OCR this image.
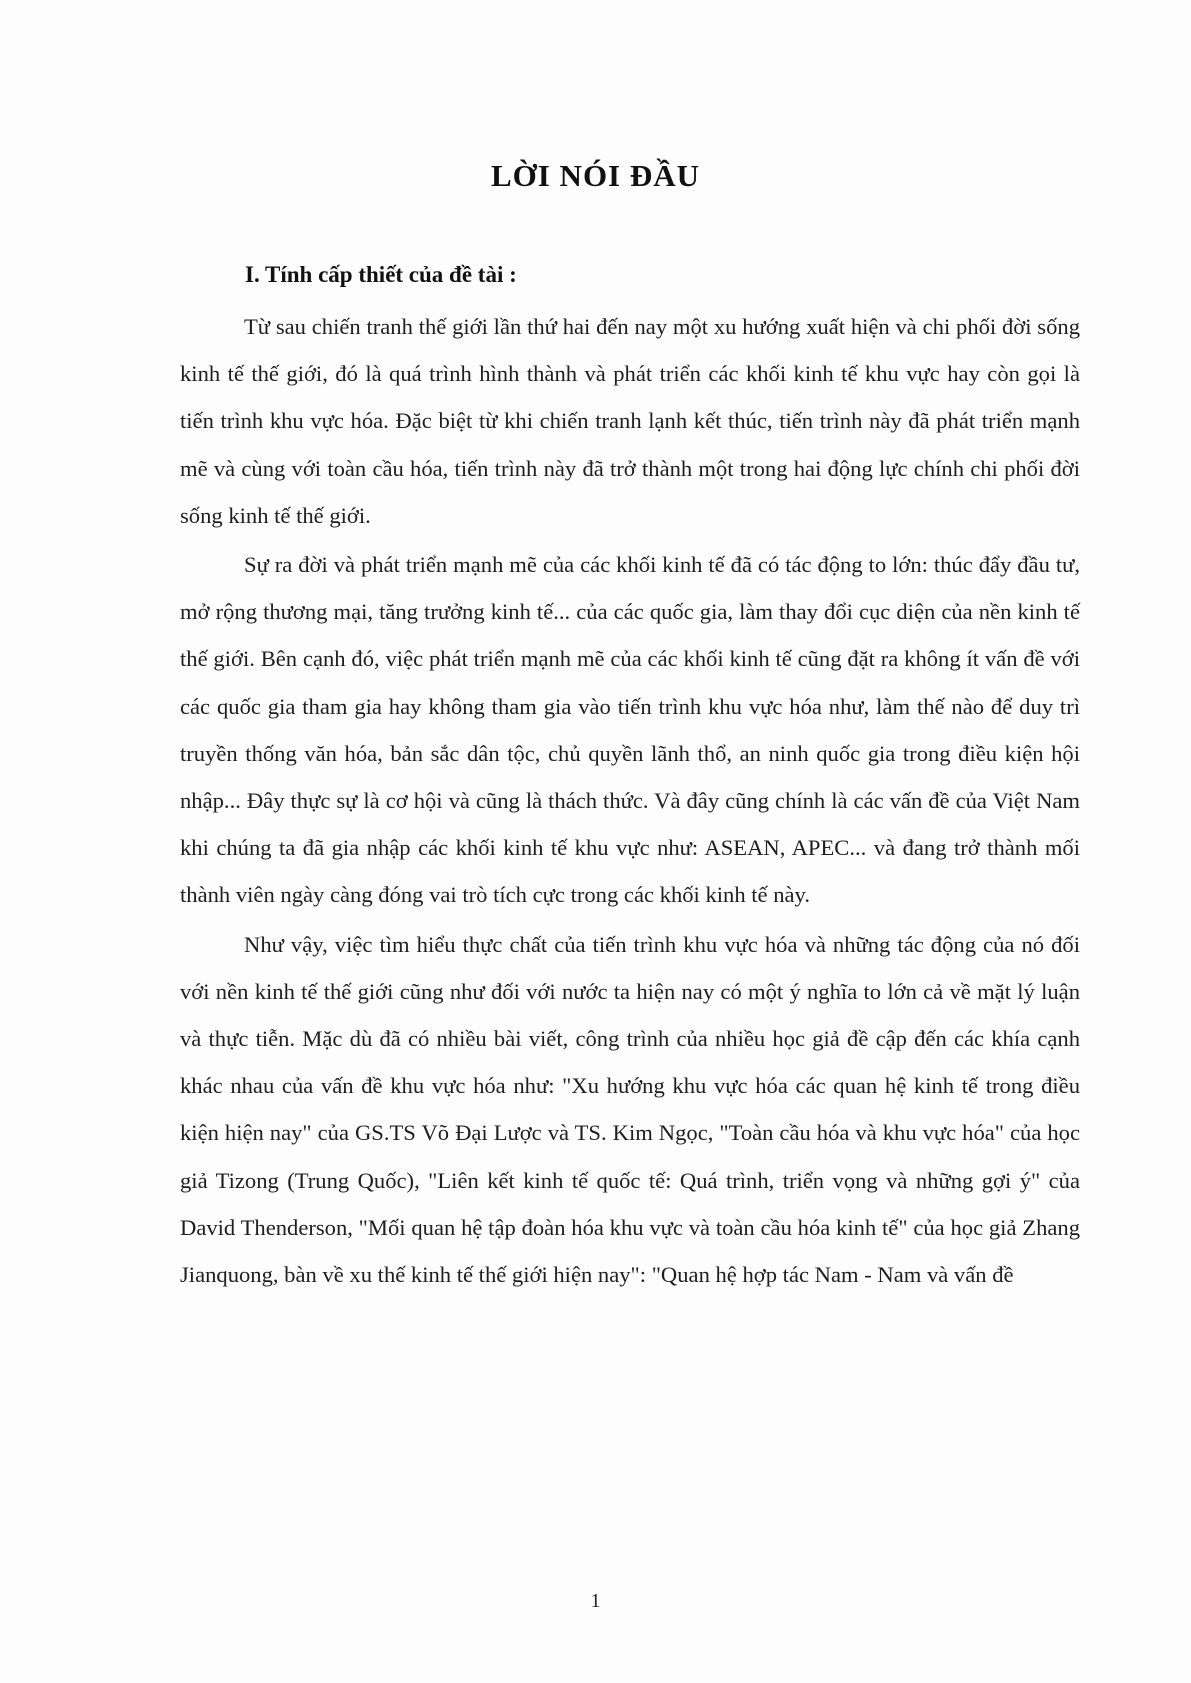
LỜI NÓI ĐẦU
I. Tính cấp thiết của đề tài :

Từ sau chiến tranh thế giới lần thứ hai đến nay một xu hướng xuất hiện và chi phối đời sống kinh tế thế giới, đó là quá trình hình thành và phát triển các khối kinh tế khu vực hay còn gọi là tiến trình khu vực hóa. Đặc biệt từ khi chiến tranh lạnh kết thúc, tiến trình này đã phát triển mạnh mẽ và cùng với toàn cầu hóa, tiến trình này đã trở thành một trong hai động lực chính chi phối đời sống kinh tế thế giới.

Sự ra đời và phát triển mạnh mẽ của các khối kinh tế đã có tác động to lớn: thúc đẩy đầu tư, mở rộng thương mại, tăng trưởng kinh tế... của các quốc gia, làm thay đổi cục diện của nền kinh tế thế giới. Bên cạnh đó, việc phát triển mạnh mẽ của các khối kinh tế cũng đặt ra không ít vấn đề với các quốc gia tham gia hay không tham gia vào tiến trình khu vực hóa như, làm thế nào để duy trì truyền thống văn hóa, bản sắc dân tộc, chủ quyền lãnh thổ, an ninh quốc gia trong điều kiện hội nhập... Đây thực sự là cơ hội và cũng là thách thức. Và đây cũng chính là các vấn đề của Việt Nam khi chúng ta đã gia nhập các khối kinh tế khu vực như: ASEAN, APEC... và đang trở thành mối thành viên ngày càng đóng vai trò tích cực trong các khối kinh tế này.

Như vậy, việc tìm hiểu thực chất của tiến trình khu vực hóa và những tác động của nó đối với nền kinh tế thế giới cũng như đối với nước ta hiện nay có một ý nghĩa to lớn cả về mặt lý luận và thực tiễn. Mặc dù đã có nhiều bài viết, công trình của nhiều học giả đề cập đến các khía cạnh khác nhau của vấn đề khu vực hóa như: "Xu hướng khu vực hóa các quan hệ kinh tế trong điều kiện hiện nay" của GS.TS Võ Đại Lược và TS. Kim Ngọc, "Toàn cầu hóa và khu vực hóa" của học giả Tizong (Trung Quốc), "Liên kết kinh tế quốc tế: Quá trình, triển vọng và những gợi ý" của David Thenderson, "Mối quan hệ tập đoàn hóa khu vực và toàn cầu hóa kinh tế" của học giả Zhang Jianquong, bàn về xu thế kinh tế thế giới hiện nay": "Quan hệ hợp tác Nam - Nam và vấn đề

1
